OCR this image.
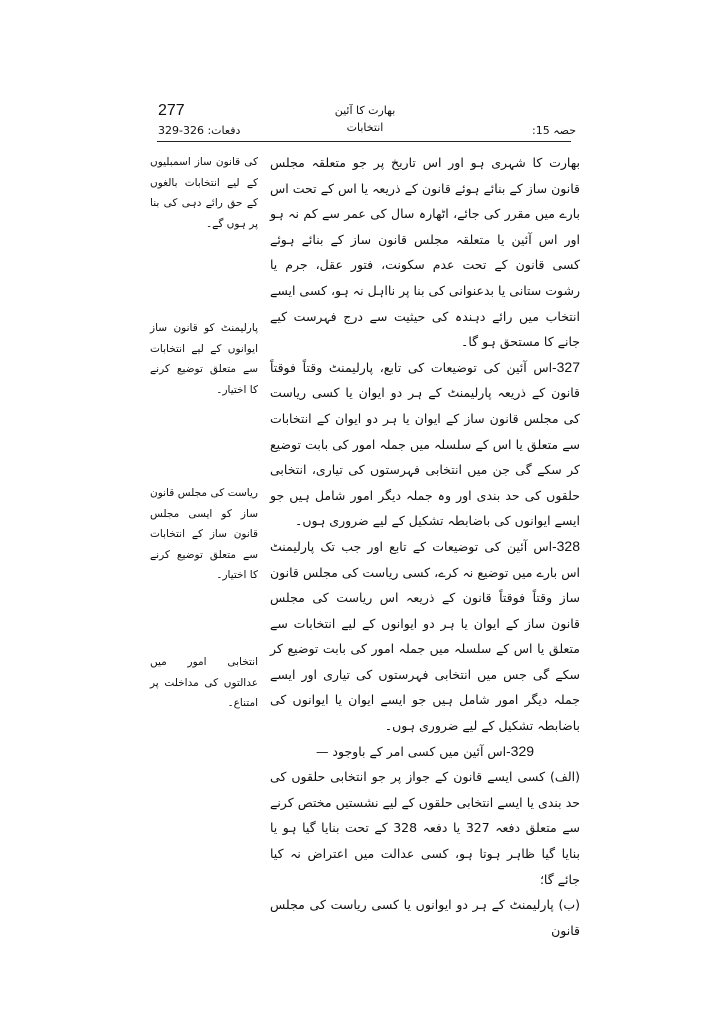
277
دفعات: 326-329
بھارت کا آئین
انتخابات	حصہ 15:

بھارت کا شہری ہو اور اس تاریخ پر جو متعلقہ مجلس قانون ساز کے بنائے ہوئے قانون کے ذریعہ یا اس کے تحت اس بارے میں مقرر کی جائے، اٹھارہ سال کی عمر سے کم نہ ہو اور اس آئین یا متعلقہ مجلس قانون ساز کے بنائے ہوئے کسی قانون کے تحت عدم سکونت، فتور عقل، جرم یا رشوت ستانی یا بدعنوانی کی بنا پر نااہل نہ ہو، کسی ایسے انتخاب میں رائے دہندہ کی حیثیت سے درج فہرست کیے جانے کا مستحق ہو گا۔

327-اس آئین کی توضیعات کی تابع، پارلیمنٹ وقتاً فوقتاً قانون کے ذریعہ پارلیمنٹ کے ہر دو ایوان یا کسی ریاست کی مجلس قانون ساز کے ایوان یا ہر دو ایوان کے انتخابات سے متعلق یا اس کے سلسلہ میں جملہ امور کی بابت توضیع کر سکے گی جن میں انتخابی فہرستوں کی تیاری، انتخابی حلقوں کی حد بندی اور وہ جملہ دیگر امور شامل ہیں جو ایسے ایوانوں کی باضابطہ تشکیل کے لیے ضروری ہوں۔

328-اس آئین کی توضیعات کے تابع اور جب تک پارلیمنٹ اس بارے میں توضیع نہ کرے، کسی ریاست کی مجلس قانون ساز وقتاً فوقتاً قانون کے ذریعہ اس ریاست کی مجلس قانون ساز کے ایوان یا ہر دو ایوانوں کے لیے انتخابات سے متعلق یا اس کے سلسلہ میں جملہ امور کی بابت توضیع کر سکے گی جس میں انتخابی فہرستوں کی تیاری اور ایسے جملہ دیگر امور شامل ہیں جو ایسے ایوان یا ایوانوں کی باضابطہ تشکیل کے لیے ضروری ہوں۔

329-اس آئین میں کسی امر کے باوجود —

(الف) کسی ایسے قانون کے جواز پر جو انتخابی حلقوں کی حد بندی یا ایسے انتخابی حلقوں کے لیے نشستیں مختص کرنے سے متعلق دفعہ 327 یا دفعہ 328 کے تحت بنایا گیا ہو یا بنایا گیا ظاہر ہوتا ہو، کسی عدالت میں اعتراض نہ کیا جائے گا؛

(ب) پارلیمنٹ کے ہر دو ایوانوں یا کسی ریاست کی مجلس قانون

کی قانون ساز اسمبلیوں کے لیے انتخابات بالغوں کے حق رائے دہی کی بنا پر ہوں گے۔
پارلیمنٹ کو قانون ساز ایوانوں کے لیے انتخابات سے متعلق توضیع کرنے کا اختیار۔
ریاست کی مجلس قانون ساز کو ایسی مجلس قانون ساز کے انتخابات سے متعلق توضیع کرنے کا اختیار۔
انتخابی امور میں عدالتوں کی مداخلت پر امتناع۔
